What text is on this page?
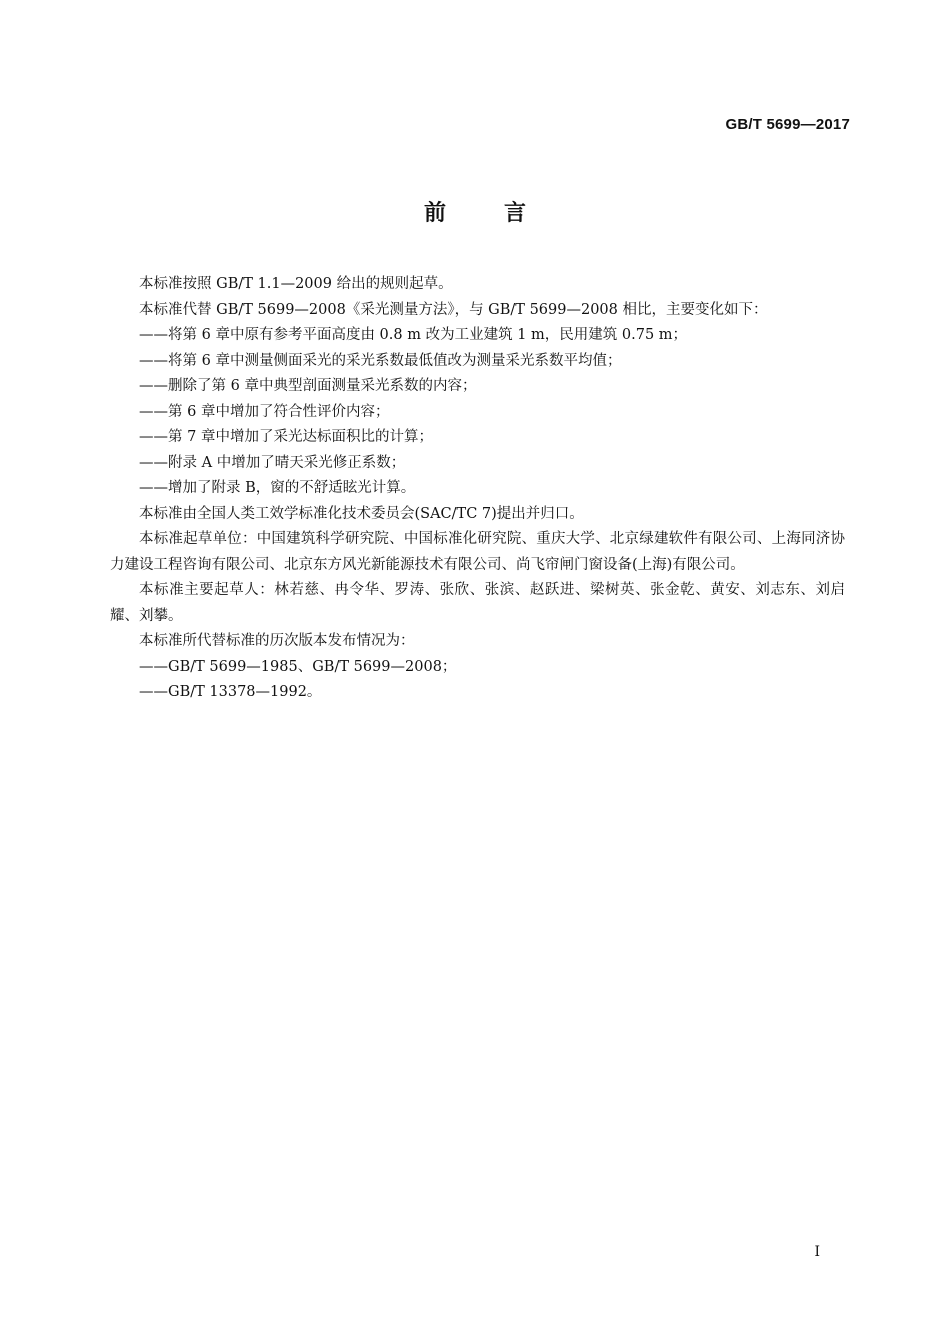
GB/T 5699—2017
前言

本标准按照 GB/T 1.1—2009 给出的规则起草。

本标准代替 GB/T 5699—2008《采光测量方法》，与 GB/T 5699—2008 相比，主要变化如下：

——将第 6 章中原有参考平面高度由 0.8 m 改为工业建筑 1 m，民用建筑 0.75 m；

——将第 6 章中测量侧面采光的采光系数最低值改为测量采光系数平均值；

——删除了第 6 章中典型剖面测量采光系数的内容；

——第 6 章中增加了符合性评价内容；

——第 7 章中增加了采光达标面积比的计算；

——附录 A 中增加了晴天采光修正系数；

——增加了附录 B，窗的不舒适眩光计算。

本标准由全国人类工效学标准化技术委员会(SAC/TC 7)提出并归口。

本标准起草单位：中国建筑科学研究院、中国标准化研究院、重庆大学、北京绿建软件有限公司、上海同济协力建设工程咨询有限公司、北京东方风光新能源技术有限公司、尚飞帘闸门窗设备(上海)有限公司。

本标准主要起草人：林若慈、冉令华、罗涛、张欣、张滨、赵跃进、梁树英、张金乾、黄安、刘志东、刘启耀、刘攀。

本标准所代替标准的历次版本发布情况为：

——GB/T 5699—1985、GB/T 5699—2008；

——GB/T 13378—1992。

I
